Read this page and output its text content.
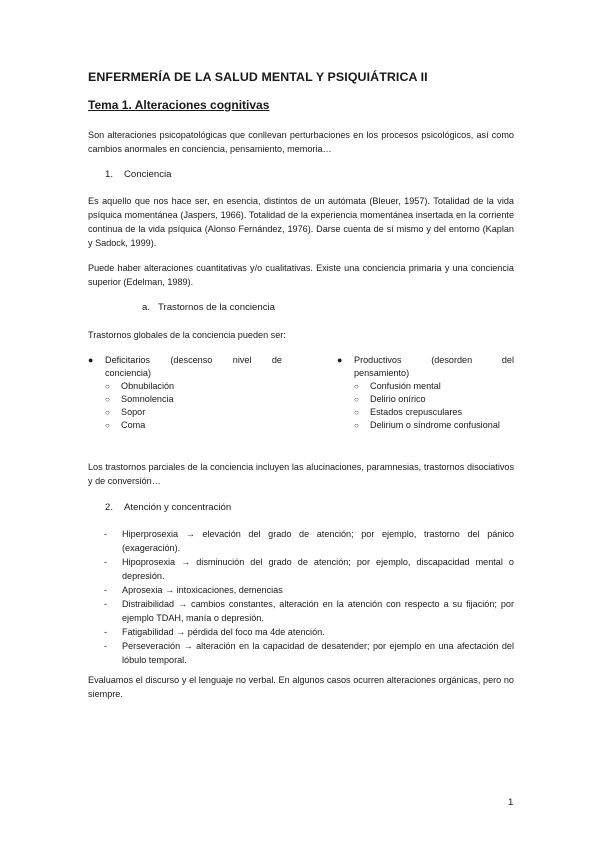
ENFERMERÍA DE LA SALUD MENTAL Y PSIQUIÁTRICA II
Tema 1. Alteraciones cognitivas
Son alteraciones psicopatológicas que conllevan perturbaciones en los procesos psicológicos, así como cambios anormales en conciencia, pensamiento, memoria…
1. Conciencia
Es aquello que nos hace ser, en esencia, distintos de un autómata (Bleuer, 1957). Totalidad de la vida psíquica momentánea (Jaspers, 1966). Totalidad de la experiencia momentánea insertada en la corriente continua de la vida psíquica (Alonso Fernández, 1976). Darse cuenta de sí mismo y del entorno (Kaplan y Sadock, 1999).
Puede haber alteraciones cuantitativas y/o cualitativas. Existe una conciencia primaria y una conciencia superior (Edelman, 1989).
a. Trastornos de la conciencia
Trastornos globales de la conciencia pueden ser:
● Deficitarios (descenso nivel de
conciencia)
○ Obnubilación
○ Somnolencia
○ Sopor
○ Coma
● Productivos (desorden del
pensamiento)
○ Confusión mental
○ Delirio onírico
○ Estados crepusculares
○ Delirium o síndrome confusional
Los trastornos parciales de la conciencia incluyen las alucinaciones, paramnesias, trastornos disociativos y de conversión…
2. Atención y concentración
- Hiperprosexia → elevación del grado de atención; por ejemplo, trastorno del pánico (exageración).
- Hipoprosexia → disminución del grado de atención; por ejemplo, discapacidad mental o depresión.
- Aprosexia → intoxicaciones, demencias
- Distraibilidad → cambios constantes, alteración en la atención con respecto a su fijación; por ejemplo TDAH, manía o depresión.
- Fatigabilidad → pérdida del foco ma 4de atención.
- Perseveración → alteración en la capacidad de desatender; por ejemplo en una afectación del lóbulo temporal.
Evaluamos el discurso y el lenguaje no verbal. En algunos casos ocurren alteraciones orgánicas, pero no siempre.
1
